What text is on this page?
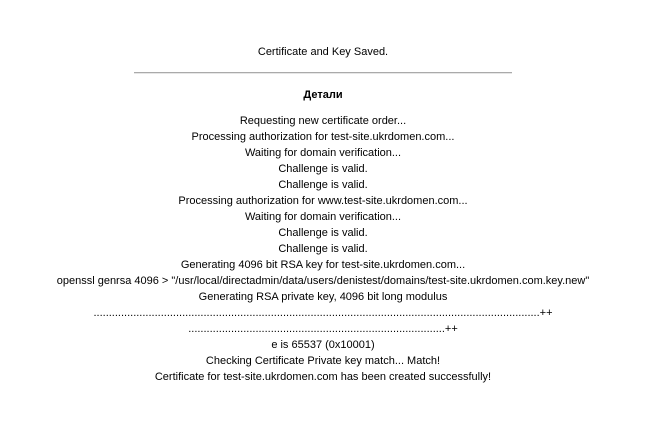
Certificate and Key Saved.
Детали
Requesting new certificate order...
Processing authorization for test-site.ukrdomen.com...
Waiting for domain verification...
Challenge is valid.
Challenge is valid.
Processing authorization for www.test-site.ukrdomen.com...
Waiting for domain verification...
Challenge is valid.
Challenge is valid.
Generating 4096 bit RSA key for test-site.ukrdomen.com...
openssl genrsa 4096 > "/usr/local/directadmin/data/users/denistest/domains/test-site.ukrdomen.com.key.new"
Generating RSA private key, 4096 bit long modulus
..................................................................................................................................................++
....................................................................................++
e is 65537 (0x10001)
Checking Certificate Private key match... Match!
Certificate for test-site.ukrdomen.com has been created successfully!
